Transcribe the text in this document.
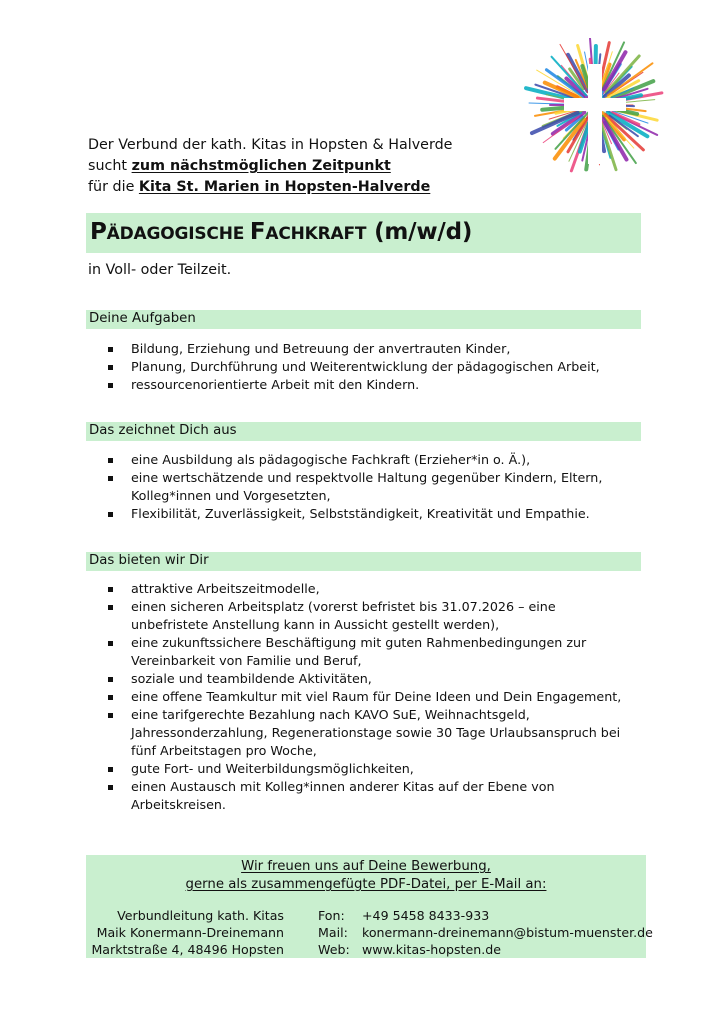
Der Verbund der kath. Kitas in Hopsten & Halverde
sucht zum nächstmöglichen Zeitpunkt
für die Kita St. Marien in Hopsten-Halverde
PÄDAGOGISCHE FACHKRAFT (m/w/d)
in Voll- oder Teilzeit.
Deine Aufgaben
Bildung, Erziehung und Betreuung der anvertrauten Kinder,
Planung, Durchführung und Weiterentwicklung der pädagogischen Arbeit,
ressourcenorientierte Arbeit mit den Kindern.
Das zeichnet Dich aus
eine Ausbildung als pädagogische Fachkraft (Erzieher*in o. Ä.),
eine wertschätzende und respektvolle Haltung gegenüber Kindern, Eltern, Kolleg*innen und Vorgesetzten,
Flexibilität, Zuverlässigkeit, Selbstständigkeit, Kreativität und Empathie.
Das bieten wir Dir
attraktive Arbeitszeitmodelle,
einen sicheren Arbeitsplatz (vorerst befristet bis 31.07.2026 – eine unbefristete Anstellung kann in Aussicht gestellt werden),
eine zukunftssichere Beschäftigung mit guten Rahmenbedingungen zur Vereinbarkeit von Familie und Beruf,
soziale und teambildende Aktivitäten,
eine offene Teamkultur mit viel Raum für Deine Ideen und Dein Engagement,
eine tarifgerechte Bezahlung nach KAVO SuE, Weihnachtsgeld, Jahressonderzahlung, Regenerationstage sowie 30 Tage Urlaubsanspruch bei fünf Arbeitstagen pro Woche,
gute Fort- und Weiterbildungsmöglichkeiten,
einen Austausch mit Kolleg*innen anderer Kitas auf der Ebene von Arbeitskreisen.
Wir freuen uns auf Deine Bewerbung,
gerne als zusammengefügte PDF-Datei, per E-Mail an:
Verbundleitung kath. Kitas
Maik Konermann-Dreinemann
Marktstraße 4, 48496 Hopsten
Fon:
Mail:
Web:
+49 5458 8433-933
konermann-dreinemann@bistum-muenster.de
www.kitas-hopsten.de
